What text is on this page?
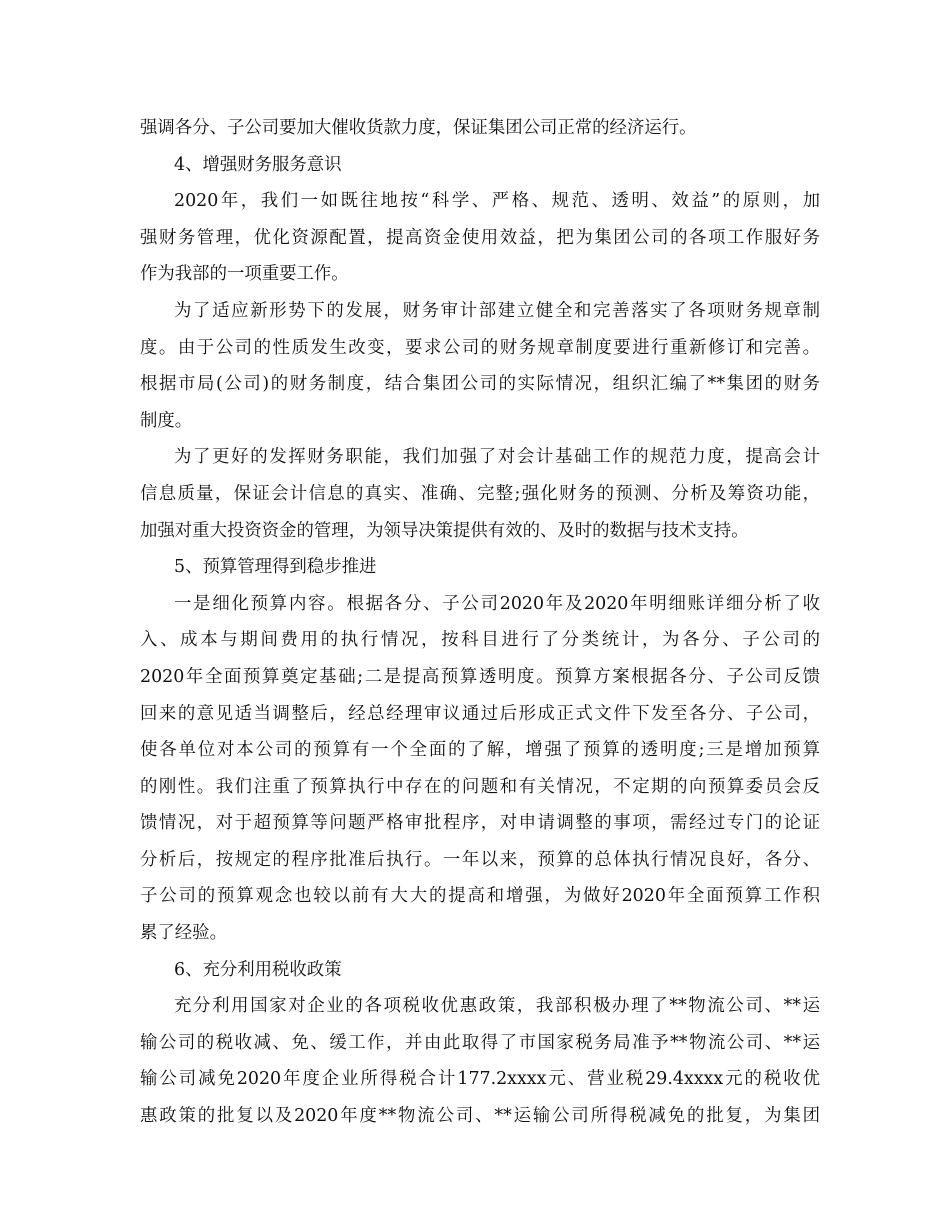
强调各分、子公司要加大催收货款力度，保证集团公司正常的经济运行。
4、增强财务服务意识
2020年，我们一如既往地按“科学、严格、规范、透明、效益”的原则，加
强财务管理，优化资源配置，提高资金使用效益，把为集团公司的各项工作服好务
作为我部的一项重要工作。
为了适应新形势下的发展，财务审计部建立健全和完善落实了各项财务规章制
度。由于公司的性质发生改变，要求公司的财务规章制度要进行重新修订和完善。
根据市局(公司)的财务制度，结合集团公司的实际情况，组织汇编了**集团的财务
制度。
为了更好的发挥财务职能，我们加强了对会计基础工作的规范力度，提高会计
信息质量，保证会计信息的真实、准确、完整;强化财务的预测、分析及筹资功能，
加强对重大投资资金的管理，为领导决策提供有效的、及时的数据与技术支持。
5、预算管理得到稳步推进
一是细化预算内容。根据各分、子公司2020年及2020年明细账详细分析了收
入、成本与期间费用的执行情况，按科目进行了分类统计，为各分、子公司的
2020年全面预算奠定基础;二是提高预算透明度。预算方案根据各分、子公司反馈
回来的意见适当调整后，经总经理审议通过后形成正式文件下发至各分、子公司，
使各单位对本公司的预算有一个全面的了解，增强了预算的透明度;三是增加预算
的刚性。我们注重了预算执行中存在的问题和有关情况，不定期的向预算委员会反
馈情况，对于超预算等问题严格审批程序，对申请调整的事项，需经过专门的论证
分析后，按规定的程序批准后执行。一年以来，预算的总体执行情况良好，各分、
子公司的预算观念也较以前有大大的提高和增强，为做好2020年全面预算工作积
累了经验。
6、充分利用税收政策
充分利用国家对企业的各项税收优惠政策，我部积极办理了**物流公司、**运
输公司的税收减、免、缓工作，并由此取得了市国家税务局准予**物流公司、**运
输公司减免2020年度企业所得税合计177.2xxxx元、营业税29.4xxxx元的税收优
惠政策的批复以及2020年度**物流公司、**运输公司所得税减免的批复，为集团
